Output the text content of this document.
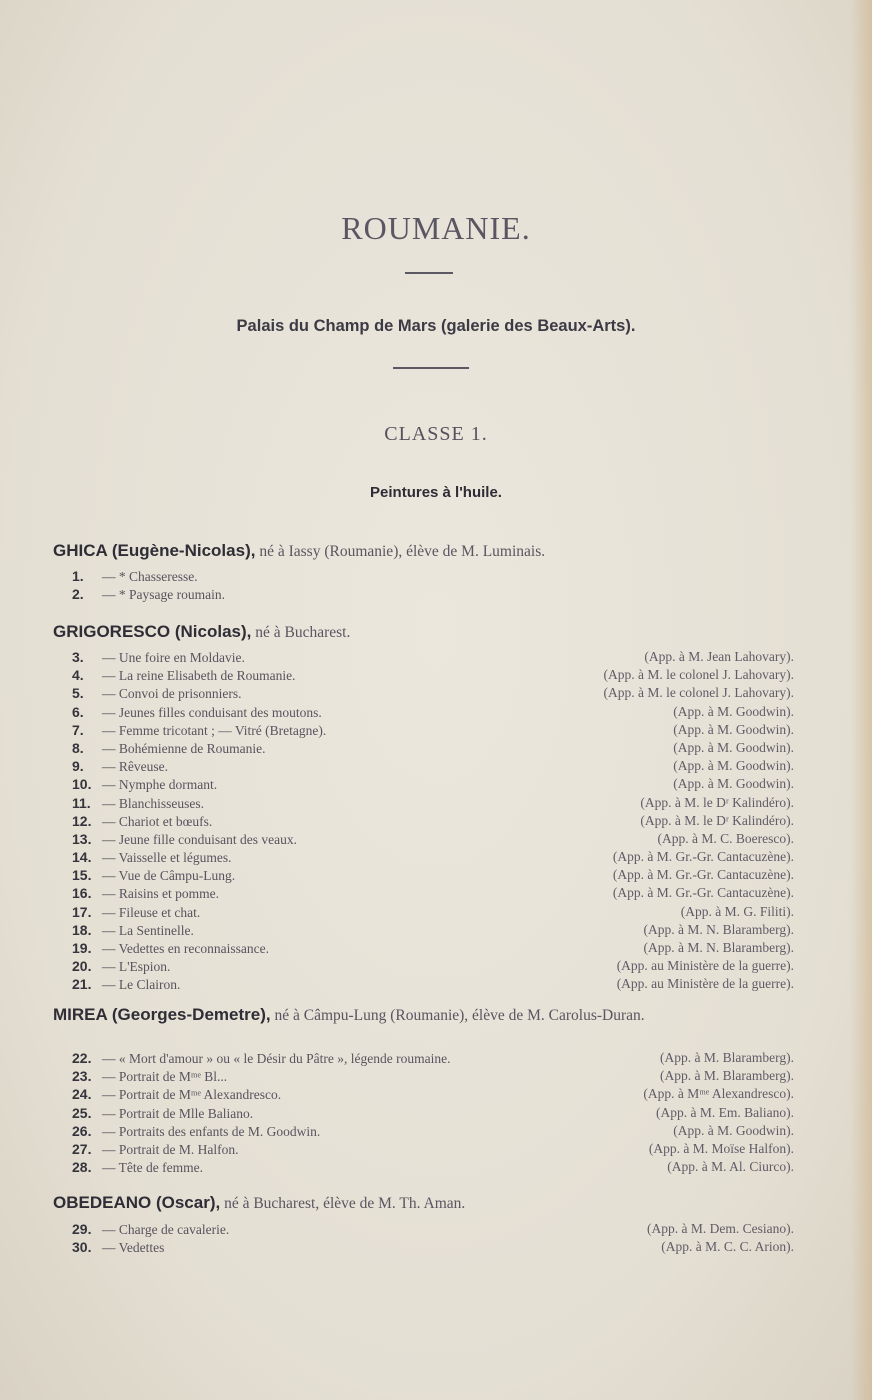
ROUMANIE.
Palais du Champ de Mars (galerie des Beaux-Arts).
CLASSE 1.
Peintures à l'huile.
GHICA (Eugène-Nicolas), né à Iassy (Roumanie), élève de M. Luminais.
1. — * Chasseresse.
2. — * Paysage roumain.
GRIGORESCO (Nicolas), né à Bucharest.
3. — Une foire en Moldavie.	(App. à M. Jean Lahovary).
4. — La reine Elisabeth de Roumanie.	(App. à M. le colonel J. Lahovary).
5. — Convoi de prisonniers.	(App. à M. le colonel J. Lahovary).
6. — Jeunes filles conduisant des moutons.	(App. à M. Goodwin).
7. — Femme tricotant ; — Vitré (Bretagne).	(App. à M. Goodwin).
8. — Bohémienne de Roumanie.	(App. à M. Goodwin).
9. — Rêveuse.	(App. à M. Goodwin).
10. — Nymphe dormant.	(App. à M. Goodwin).
11. — Blanchisseuses.	(App. à M. le Dʳ Kalindéro).
12. — Chariot et bœufs.	(App. à M. le Dʳ Kalindéro).
13. — Jeune fille conduisant des veaux.	(App. à M. C. Boeresco).
14. — Vaisselle et légumes.	(App. à M. Gr.-Gr. Cantacuzène).
15. — Vue de Câmpu-Lung.	(App. à M. Gr.-Gr. Cantacuzène).
16. — Raisins et pomme.	(App. à M. Gr.-Gr. Cantacuzène).
17. — Fileuse et chat.	(App. à M. G. Filiti).
18. — La Sentinelle.	(App. à M. N. Blaramberg).
19. — Vedettes en reconnaissance.	(App. à M. N. Blaramberg).
20. — L'Espion.	(App. au Ministère de la guerre).
21. — Le Clairon.	(App. au Ministère de la guerre).
MIREA (Georges-Demetre), né à Câmpu-Lung (Roumanie), élève de M. Carolus-Duran.
22. — « Mort d'amour » ou « le Désir du Pâtre », légende roumaine.	(App. à M. Blaramberg).
23. — Portrait de Mᵐᵉ Bl...	(App. à M. Blaramberg).
24. — Portrait de Mᵐᵉ Alexandresco.	(App. à Mᵐᵉ Alexandresco).
25. — Portrait de Mlle Baliano.	(App. à M. Em. Baliano).
26. — Portraits des enfants de M. Goodwin.	(App. à M. Goodwin).
27. — Portrait de M. Halfon.	(App. à M. Moïse Halfon).
28. — Tête de femme.	(App. à M. Al. Ciurco).
OBEDEANO (Oscar), né à Bucharest, élève de M. Th. Aman.
29. — Charge de cavalerie.	(App. à M. Dem. Cesiano).
30. — Vedettes	(App. à M. C. C. Arion).
